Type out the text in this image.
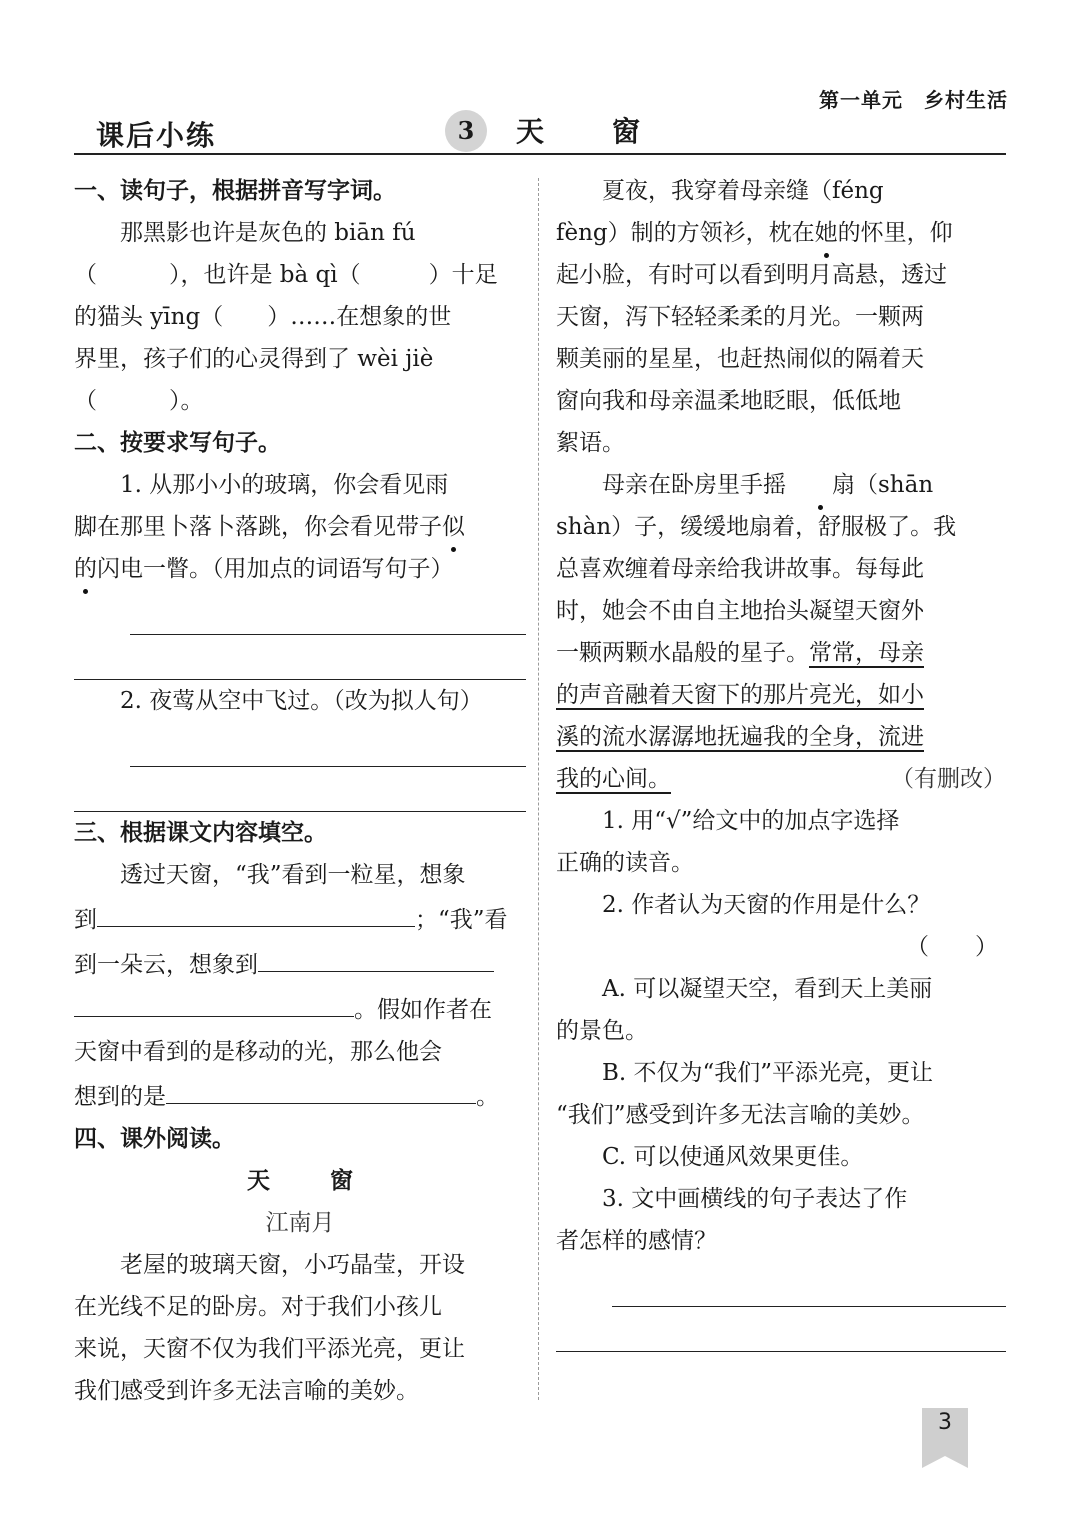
第一单元　乡村生活
课后小练	3	天窗
一、读句子，根据拼音写字词。
那黑影也许是灰色的 biān fú
（	），也许是 bà qì（	）十足
的猫头 yīng（ ）……在想象的世
界里，孩子们的心灵得到了 wèi jiè
（	）。
二、按要求写句子。
1. 从那小小的玻璃，你会看见雨
脚在那里卜落卜落跳，你会看见带子似
的闪电一瞥。（用加点的词语写句子）
2. 夜莺从空中飞过。（改为拟人句）
三、根据课文内容填空。
透过天窗，“我”看到一粒星，想象
到	；“我”看
到一朵云，想象到
。假如作者在
天窗中看到的是移动的光，那么他会
想到的是	。
四、课外阅读。
天窗
江南月
老屋的玻璃天窗，小巧晶莹，开设
在光线不足的卧房。对于我们小孩儿
来说，天窗不仅为我们平添光亮，更让
我们感受到许多无法言喻的美妙。
夏夜，我穿着母亲缝（féng
fèng）制的方领衫，枕在她的怀里，仰
起小脸，有时可以看到明月高悬，透过
天窗，泻下轻轻柔柔的月光。一颗两
颗美丽的星星，也赶热闹似的隔着天
窗向我和母亲温柔地眨眼，低低地
絮语。
母亲在卧房里手摇 扇（shān
shàn）子，缓缓地扇着，舒服极了。我
总喜欢缠着母亲给我讲故事。每每此
时，她会不由自主地抬头凝望天窗外
一颗两颗水晶般的星子。常常，母亲
的声音融着天窗下的那片亮光，如小
溪的流水潺潺地抚遍我的全身，流进
我的心间。	（有删改）
1. 用“√”给文中的加点字选择
正确的读音。
2. 作者认为天窗的作用是什么？
（　　）
A. 可以凝望天空，看到天上美丽
的景色。
B. 不仅为“我们”平添光亮，更让
“我们”感受到许多无法言喻的美妙。
C. 可以使通风效果更佳。
3. 文中画横线的句子表达了作
者怎样的感情？
3
